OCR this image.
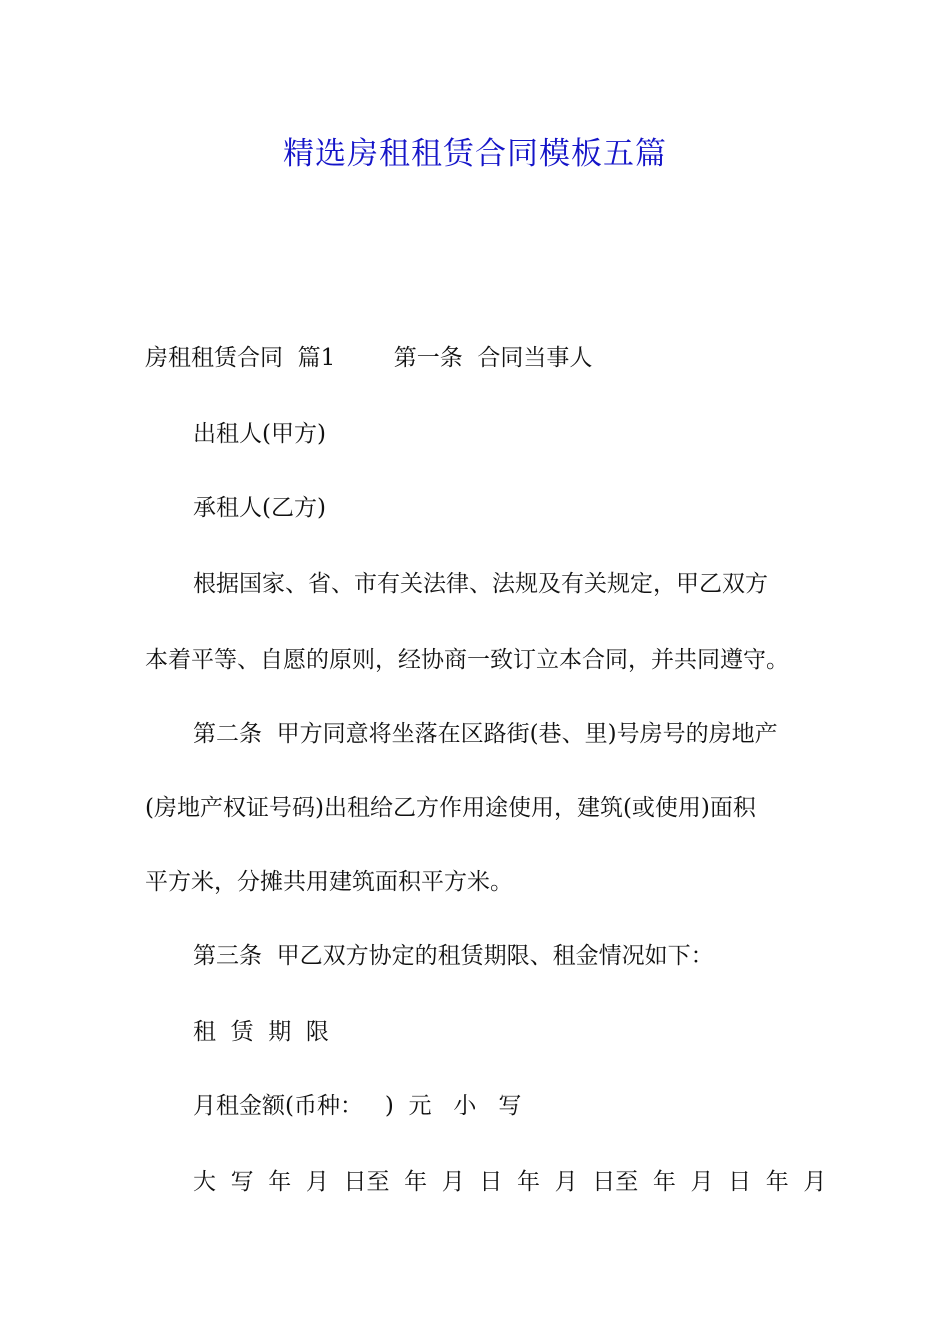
精选房租租赁合同模板五篇
房租租赁合同  篇1        第一条  合同当事人
出租人(甲方)
承租人(乙方)
根据国家、省、市有关法律、法规及有关规定，甲乙双方
本着平等、自愿的原则，经协商一致订立本合同，并共同遵守。
第二条  甲方同意将坐落在区路街(巷、里)号房号的房地产
(房地产权证号码)出租给乙方作用途使用，建筑(或使用)面积
平方米，分摊共用建筑面积平方米。
第三条  甲乙双方协定的租赁期限、租金情况如下：
租  赁  期  限
月租金额(币种：   )  元   小   写
大  写  年  月  日至  年  月  日  年  月  日至  年  月  日  年  月
